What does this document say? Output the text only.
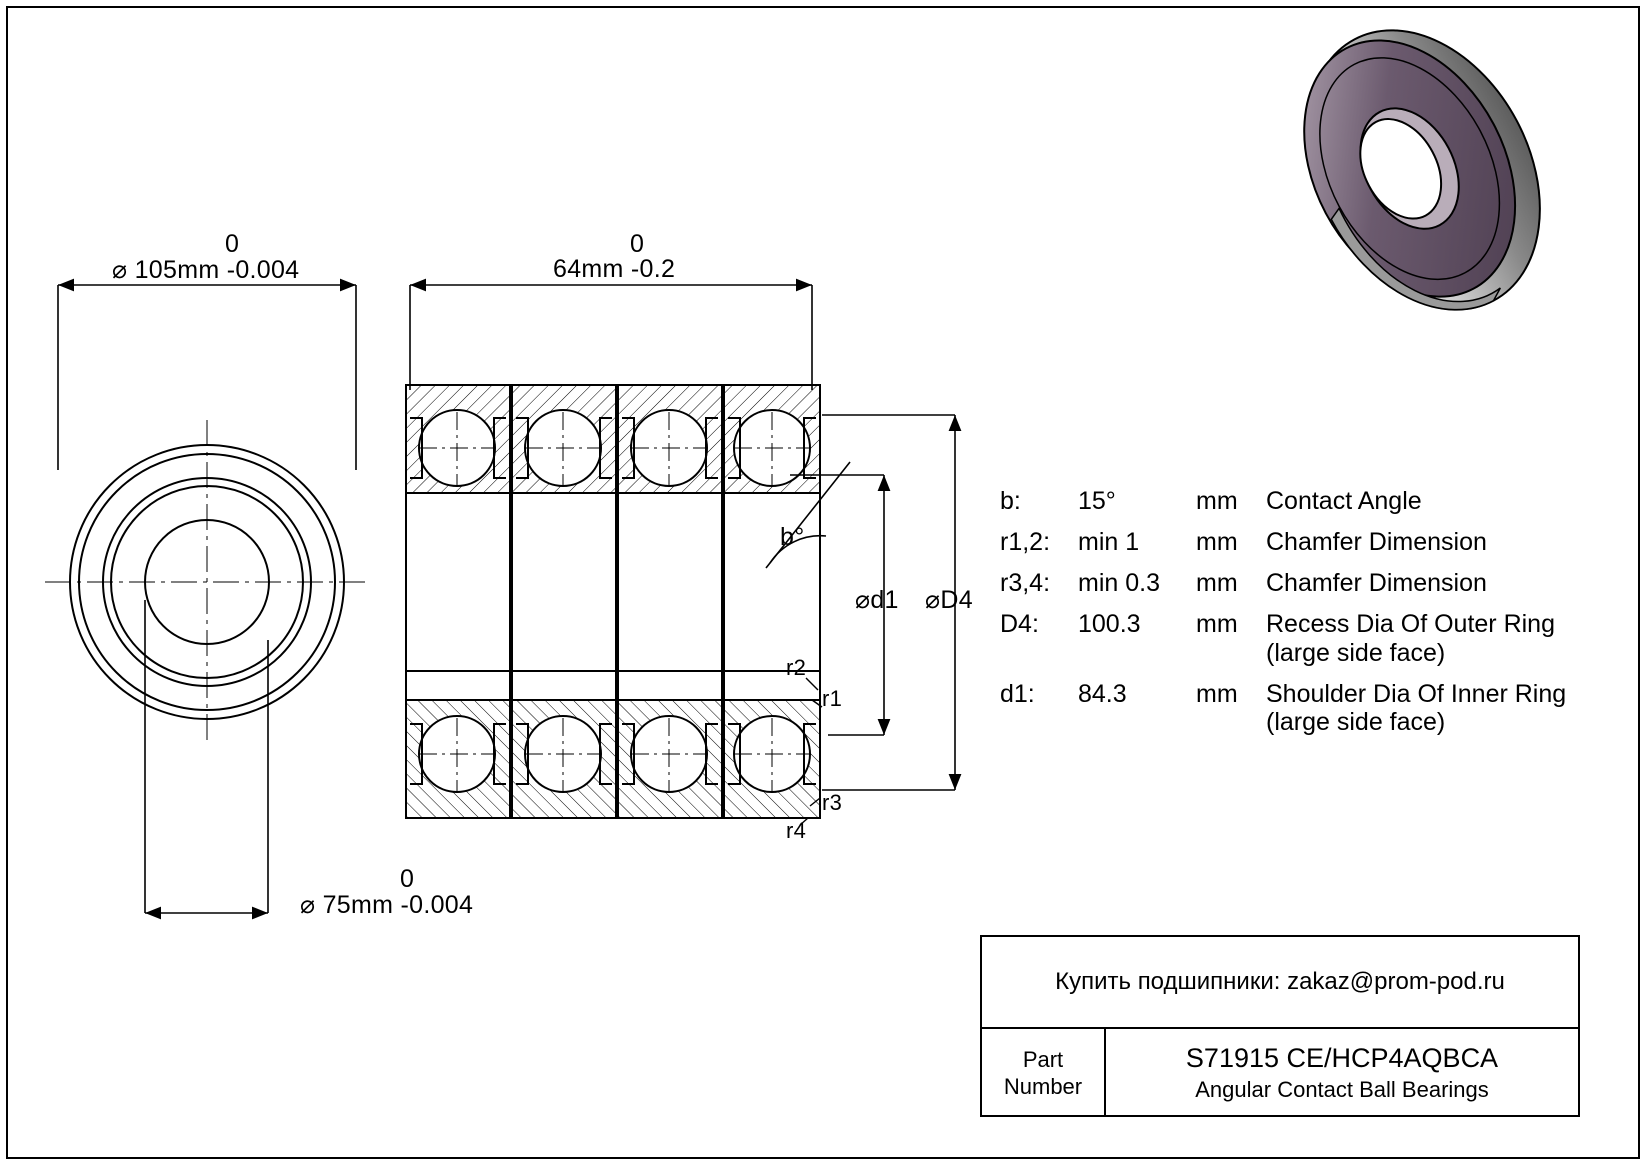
0
⌀ 105mm -0.004
0
64mm -0.2
0
⌀ 75mm -0.004
b°
⌀d1 ⌀D4
r2
r1
r3
r4
b:	15°	mm	Contact Angle
r1,2:	min 1	mm	Chamfer Dimension
r3,4:	min 0.3	mm	Chamfer Dimension
D4:	100.3	mm	Recess Dia Of Outer Ring
(large side face)
d1:	84.3	mm	Shoulder Dia Of Inner Ring
(large side face)
Купить подшипники: zakaz@prom-pod.ru
Part
Number
S71915 CE/HCP4AQBCA
Angular Contact Ball Bearings
